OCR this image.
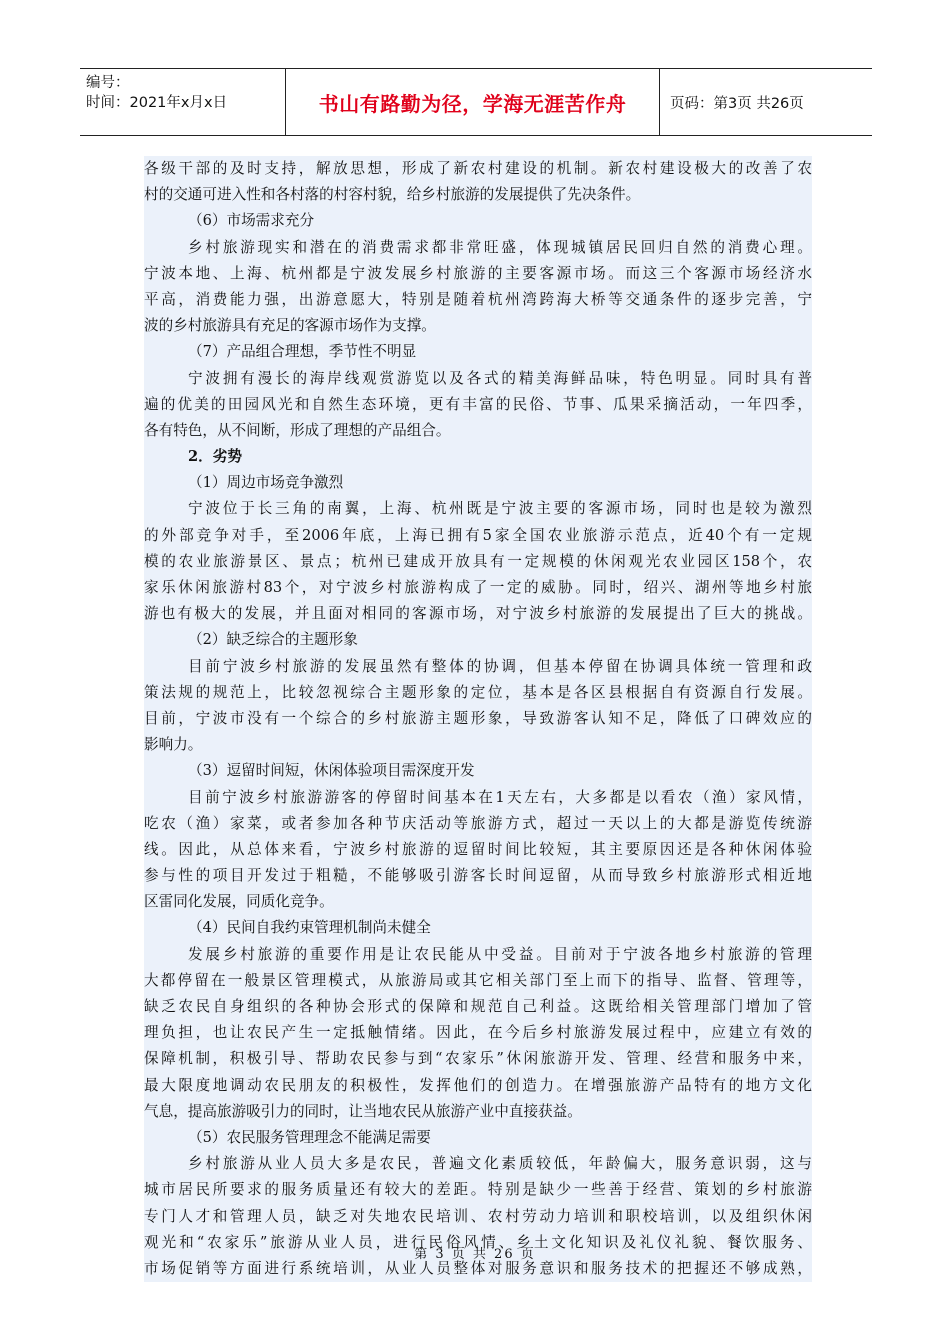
编号：
时间：2021年x月x日	书山有路勤为径，学海无涯苦作舟	页码：第3页 共26页
各级干部的及时支持，解放思想，形成了新农村建设的机制。新农村建设极大的改善了农
村的交通可进入性和各村落的村容村貌，给乡村旅游的发展提供了先决条件。
（6）市场需求充分
乡村旅游现实和潜在的消费需求都非常旺盛，体现城镇居民回归自然的消费心理。
宁波本地、上海、杭州都是宁波发展乡村旅游的主要客源市场。而这三个客源市场经济水
平高，消费能力强，出游意愿大，特别是随着杭州湾跨海大桥等交通条件的逐步完善，宁
波的乡村旅游具有充足的客源市场作为支撑。
（7）产品组合理想，季节性不明显
宁波拥有漫长的海岸线观赏游览以及各式的精美海鲜品味，特色明显。同时具有普
遍的优美的田园风光和自然生态环境，更有丰富的民俗、节事、瓜果采摘活动，一年四季，
各有特色，从不间断，形成了理想的产品组合。
2．劣势
（1）周边市场竞争激烈
宁波位于长三角的南翼，上海、杭州既是宁波主要的客源市场，同时也是较为激烈
的外部竞争对手，至2006年底，上海已拥有5家全国农业旅游示范点，近40个有一定规
模的农业旅游景区、景点；杭州已建成开放具有一定规模的休闲观光农业园区158个，农
家乐休闲旅游村83个，对宁波乡村旅游构成了一定的威胁。同时，绍兴、湖州等地乡村旅
游也有极大的发展，并且面对相同的客源市场，对宁波乡村旅游的发展提出了巨大的挑战。
（2）缺乏综合的主题形象
目前宁波乡村旅游的发展虽然有整体的协调，但基本停留在协调具体统一管理和政
策法规的规范上，比较忽视综合主题形象的定位，基本是各区县根据自有资源自行发展。
目前，宁波市没有一个综合的乡村旅游主题形象，导致游客认知不足，降低了口碑效应的
影响力。
（3）逗留时间短，休闲体验项目需深度开发
目前宁波乡村旅游游客的停留时间基本在1天左右，大多都是以看农（渔）家风情，
吃农（渔）家菜，或者参加各种节庆活动等旅游方式，超过一天以上的大都是游览传统游
线。因此，从总体来看，宁波乡村旅游的逗留时间比较短，其主要原因还是各种休闲体验
参与性的项目开发过于粗糙，不能够吸引游客长时间逗留，从而导致乡村旅游形式相近地
区雷同化发展，同质化竞争。
（4）民间自我约束管理机制尚未健全
发展乡村旅游的重要作用是让农民能从中受益。目前对于宁波各地乡村旅游的管理
大都停留在一般景区管理模式，从旅游局或其它相关部门至上而下的指导、监督、管理等，
缺乏农民自身组织的各种协会形式的保障和规范自己利益。这既给相关管理部门增加了管
理负担，也让农民产生一定抵触情绪。因此，在今后乡村旅游发展过程中，应建立有效的
保障机制，积极引导、帮助农民参与到“农家乐”休闲旅游开发、管理、经营和服务中来，
最大限度地调动农民朋友的积极性，发挥他们的创造力。在增强旅游产品特有的地方文化
气息，提高旅游吸引力的同时，让当地农民从旅游产业中直接获益。
（5）农民服务管理理念不能满足需要
乡村旅游从业人员大多是农民，普遍文化素质较低，年龄偏大，服务意识弱，这与
城市居民所要求的服务质量还有较大的差距。特别是缺少一些善于经营、策划的乡村旅游
专门人才和管理人员，缺乏对失地农民培训、农村劳动力培训和职校培训，以及组织休闲
观光和“农家乐”旅游从业人员，进行民俗风情、乡土文化知识及礼仪礼貌、餐饮服务、
市场促销等方面进行系统培训，从业人员整体对服务意识和服务技术的把握还不够成熟，
第 3 页 共 26 页
